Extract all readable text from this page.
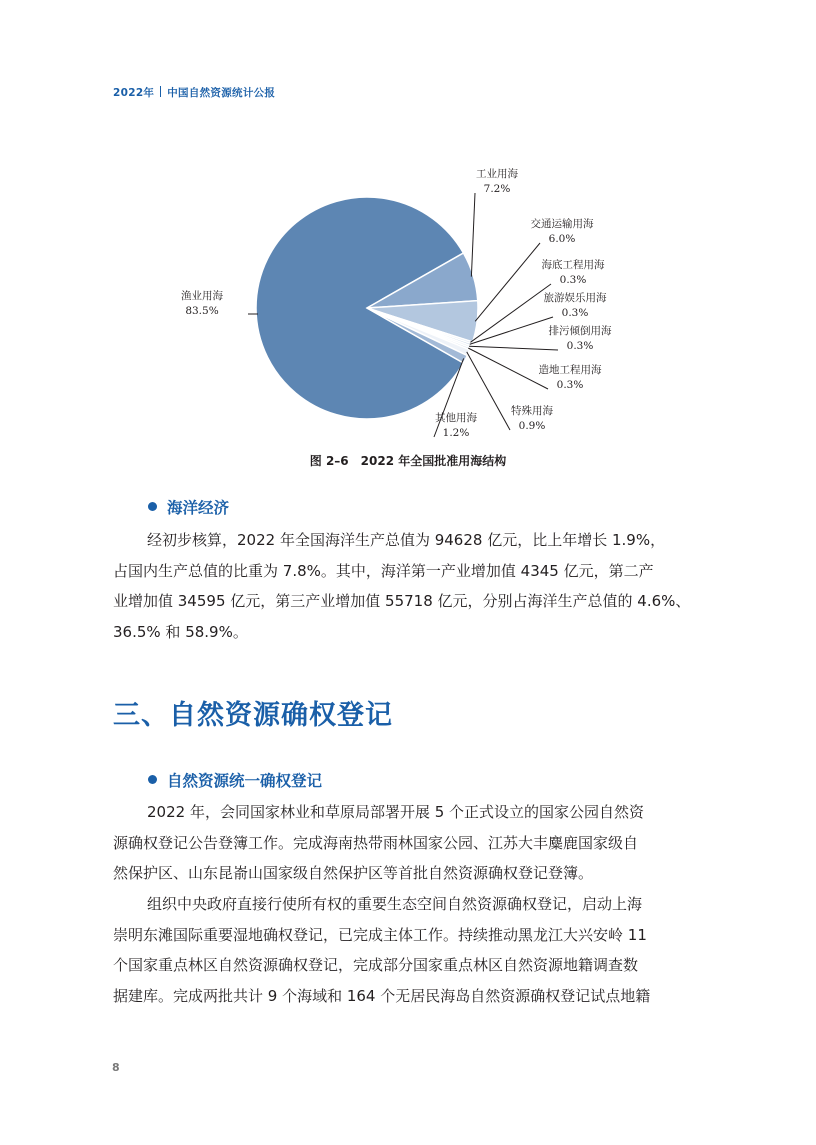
2022年 中国自然资源统计公报
渔业用海
83.5%
工业用海
7.2%
交通运输用海
6.0%
海底工程用海
0.3%
旅游娱乐用海
0.3%
排污倾倒用海
0.3%
造地工程用海
0.3%
特殊用海
0.9%
其他用海
1.2%
图 2–6　2022 年全国批准用海结构
海洋经济
经初步核算，2022 年全国海洋生产总值为 94628 亿元，比上年增长 1.9%，
占国内生产总值的比重为 7.8%。其中，海洋第一产业增加值 4345 亿元，第二产
业增加值 34595 亿元，第三产业增加值 55718 亿元，分别占海洋生产总值的 4.6%、
36.5% 和 58.9%。
三、自然资源确权登记
自然资源统一确权登记
2022 年，会同国家林业和草原局部署开展 5 个正式设立的国家公园自然资
源确权登记公告登簿工作。完成海南热带雨林国家公园、江苏大丰麋鹿国家级自
然保护区、山东昆嵛山国家级自然保护区等首批自然资源确权登记登簿。
组织中央政府直接行使所有权的重要生态空间自然资源确权登记，启动上海
崇明东滩国际重要湿地确权登记，已完成主体工作。持续推动黑龙江大兴安岭 11
个国家重点林区自然资源确权登记，完成部分国家重点林区自然资源地籍调查数
据建库。完成两批共计 9 个海域和 164 个无居民海岛自然资源确权登记试点地籍
8
